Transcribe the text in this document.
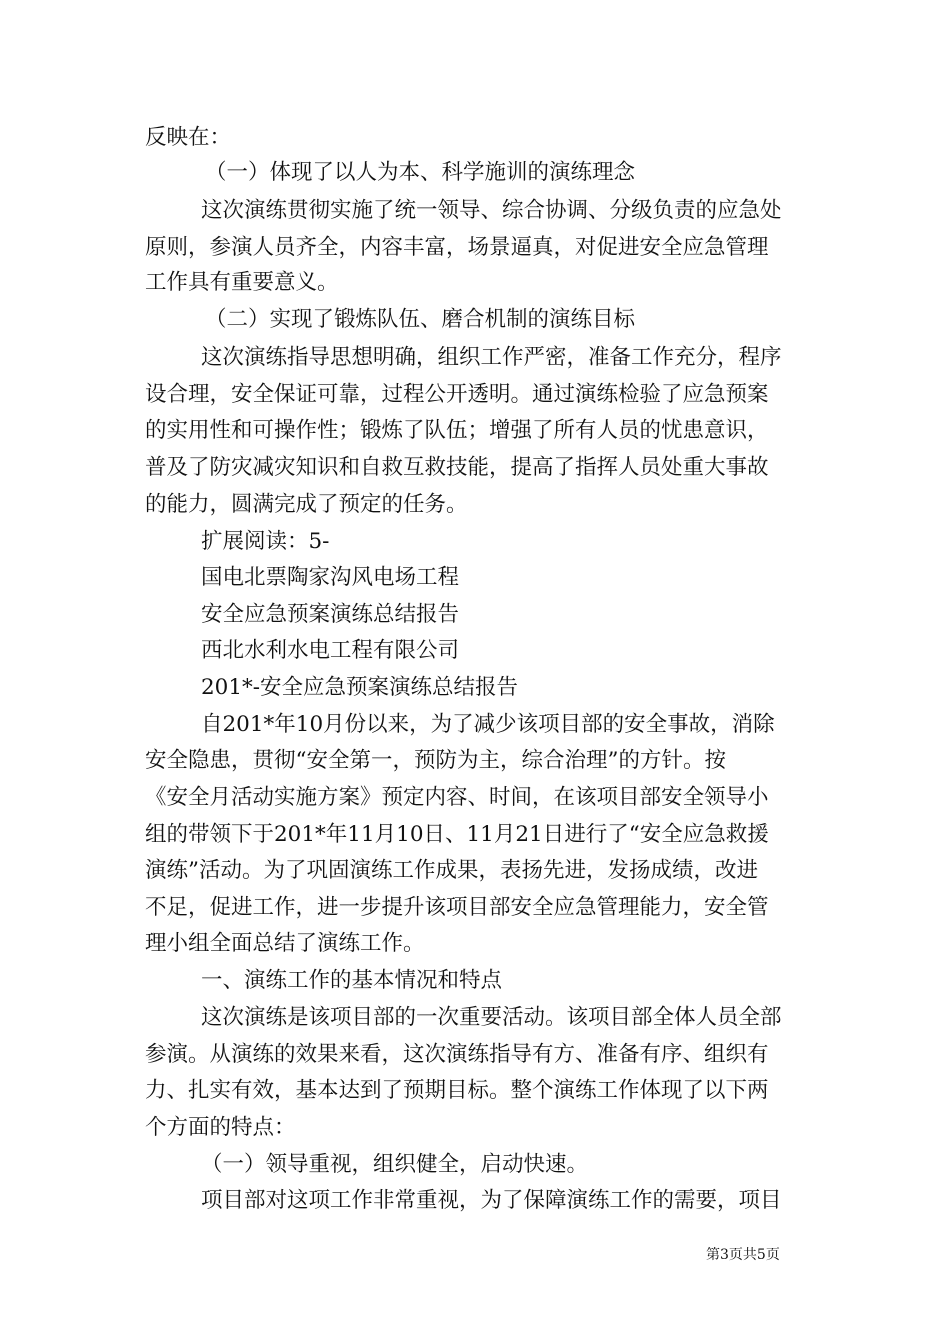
反映在：
（一）体现了以人为本、科学施训的演练理念
这次演练贯彻实施了统一领导、综合协调、分级负责的应急处
原则，参演人员齐全，内容丰富，场景逼真，对促进安全应急管理
工作具有重要意义。
（二）实现了锻炼队伍、磨合机制的演练目标
这次演练指导思想明确，组织工作严密，准备工作充分，程序
设合理，安全保证可靠，过程公开透明。通过演练检验了应急预案
的实用性和可操作性；锻炼了队伍；增强了所有人员的忧患意识，
普及了防灾减灾知识和自救互救技能，提高了指挥人员处重大事故
的能力，圆满完成了预定的任务。
扩展阅读：5-
国电北票陶家沟风电场工程
安全应急预案演练总结报告
西北水利水电工程有限公司
201*-安全应急预案演练总结报告
自201*年10月份以来，为了减少该项目部的安全事故，消除
安全隐患，贯彻“安全第一，预防为主，综合治理”的方针。按
《安全月活动实施方案》预定内容、时间，在该项目部安全领导小
组的带领下于201*年11月10日、11月21日进行了“安全应急救援
演练”活动。为了巩固演练工作成果，表扬先进，发扬成绩，改进
不足，促进工作，进一步提升该项目部安全应急管理能力，安全管
理小组全面总结了演练工作。
一、演练工作的基本情况和特点
这次演练是该项目部的一次重要活动。该项目部全体人员全部
参演。从演练的效果来看，这次演练指导有方、准备有序、组织有
力、扎实有效，基本达到了预期目标。整个演练工作体现了以下两
个方面的特点：
（一）领导重视，组织健全，启动快速。
项目部对这项工作非常重视，为了保障演练工作的需要，项目
第3页共5页
